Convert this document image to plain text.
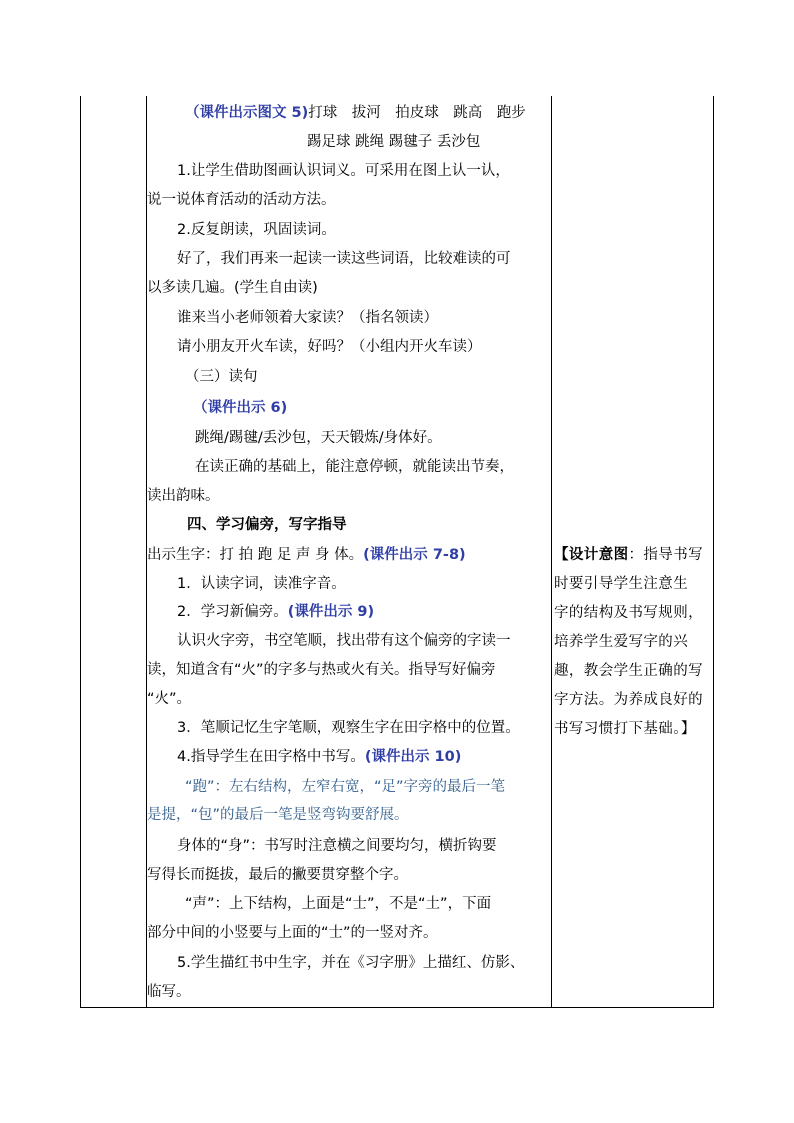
（课件出示图文 5)打球　拔河　拍皮球　跳高　跑步
踢足球 跳绳 踢毽子 丢沙包
1.让学生借助图画认识词义。可采用在图上认一认，
说一说体育活动的活动方法。
2.反复朗读，巩固读词。
好了，我们再来一起读一读这些词语，比较难读的可
以多读几遍。(学生自由读)
谁来当小老师领着大家读？（指名领读）
请小朋友开火车读，好吗？（小组内开火车读）
（三）读句
（课件出示 6)
跳绳/踢毽/丢沙包，天天锻炼/身体好。
在读正确的基础上，能注意停顿，就能读出节奏，
读出韵味。
四、学习偏旁，写字指导
出示生字：打 拍 跑 足 声 身 体。(课件出示 7-8)
1．认读字词，读准字音。
2．学习新偏旁。(课件出示 9)
认识火字旁，书空笔顺，找出带有这个偏旁的字读一
读，知道含有“火”的字多与热或火有关。指导写好偏旁
“火”。
3．笔顺记忆生字笔顺，观察生字在田字格中的位置。
4.指导学生在田字格中书写。(课件出示 10)
“跑”：左右结构，左窄右宽，“足”字旁的最后一笔
是提，“包”的最后一笔是竖弯钩要舒展。
身体的“身”：书写时注意横之间要均匀，横折钩要
写得长而挺拔，最后的撇要贯穿整个字。
“声”：上下结构，上面是“士”，不是“土”，下面
部分中间的小竖要与上面的“士”的一竖对齐。
5.学生描红书中生字，并在《习字册》上描红、仿影、
临写。
【设计意图：指导书写
时要引导学生注意生
字的结构及书写规则，
培养学生爱写字的兴
趣，教会学生正确的写
字方法。为养成良好的
书写习惯打下基础。】
